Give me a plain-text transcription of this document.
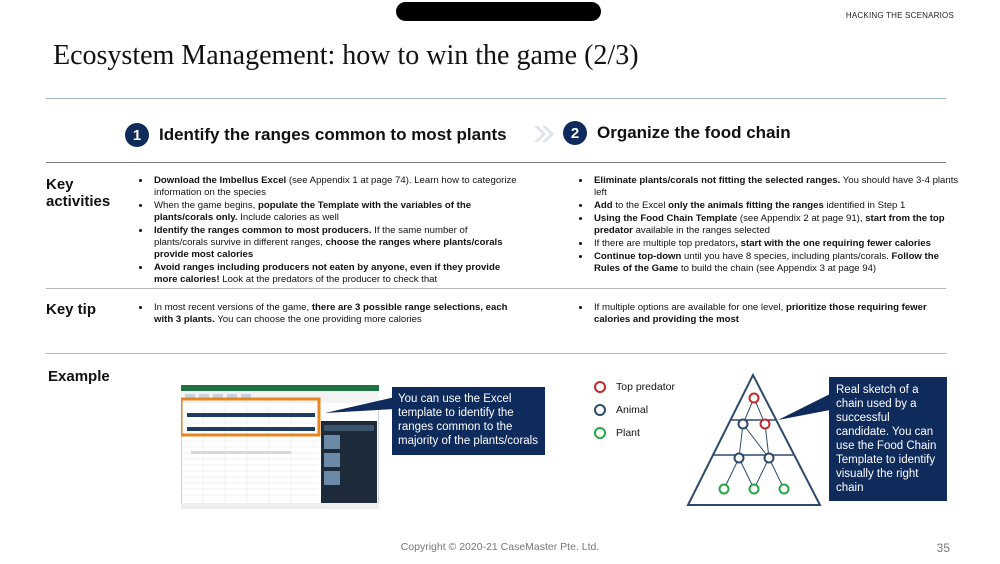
HACKING THE SCENARIOS
Ecosystem Management: how to win the game (2/3)
1	Identify the ranges common to most plants	2	Organize the food chain
Key activities
• Download the Imbellus Excel (see Appendix 1 at page 74). Learn how to categorize information on the species
• When the game begins, populate the Template with the variables of the plants/corals only. Include calories as well
• Identify the ranges common to most producers. If the same number of plants/corals survive in different ranges, choose the ranges where plants/corals provide most calories
• Avoid ranges including producers not eaten by anyone, even if they provide more calories! Look at the predators of the producer to check that
• Eliminate plants/corals not fitting the selected ranges. You should have 3-4 plants left
• Add to the Excel only the animals fitting the ranges identified in Step 1
• Using the Food Chain Template (see Appendix 2 at page 91), start from the top predator available in the ranges selected
• If there are multiple top predators, start with the one requiring fewer calories
• Continue top-down until you have 8 species, including plants/corals. Follow the Rules of the Game to build the chain (see Appendix 3 at page 94)
Key tip
•	In most recent versions of the game, there are 3 possible range selections, each with 3 plants. You can choose the one providing more calories
• If multiple options are available for one level, prioritize those requiring fewer calories and providing the most
Example
You can use the Excel template to identify the ranges common to the majority of the plants/corals
Top predator
Animal
Plant
Real sketch of a chain used by a successful candidate. You can use the Food Chain Template to identify visually the right chain
Copyright © 2020-21 CaseMaster Pte. Ltd.	35
